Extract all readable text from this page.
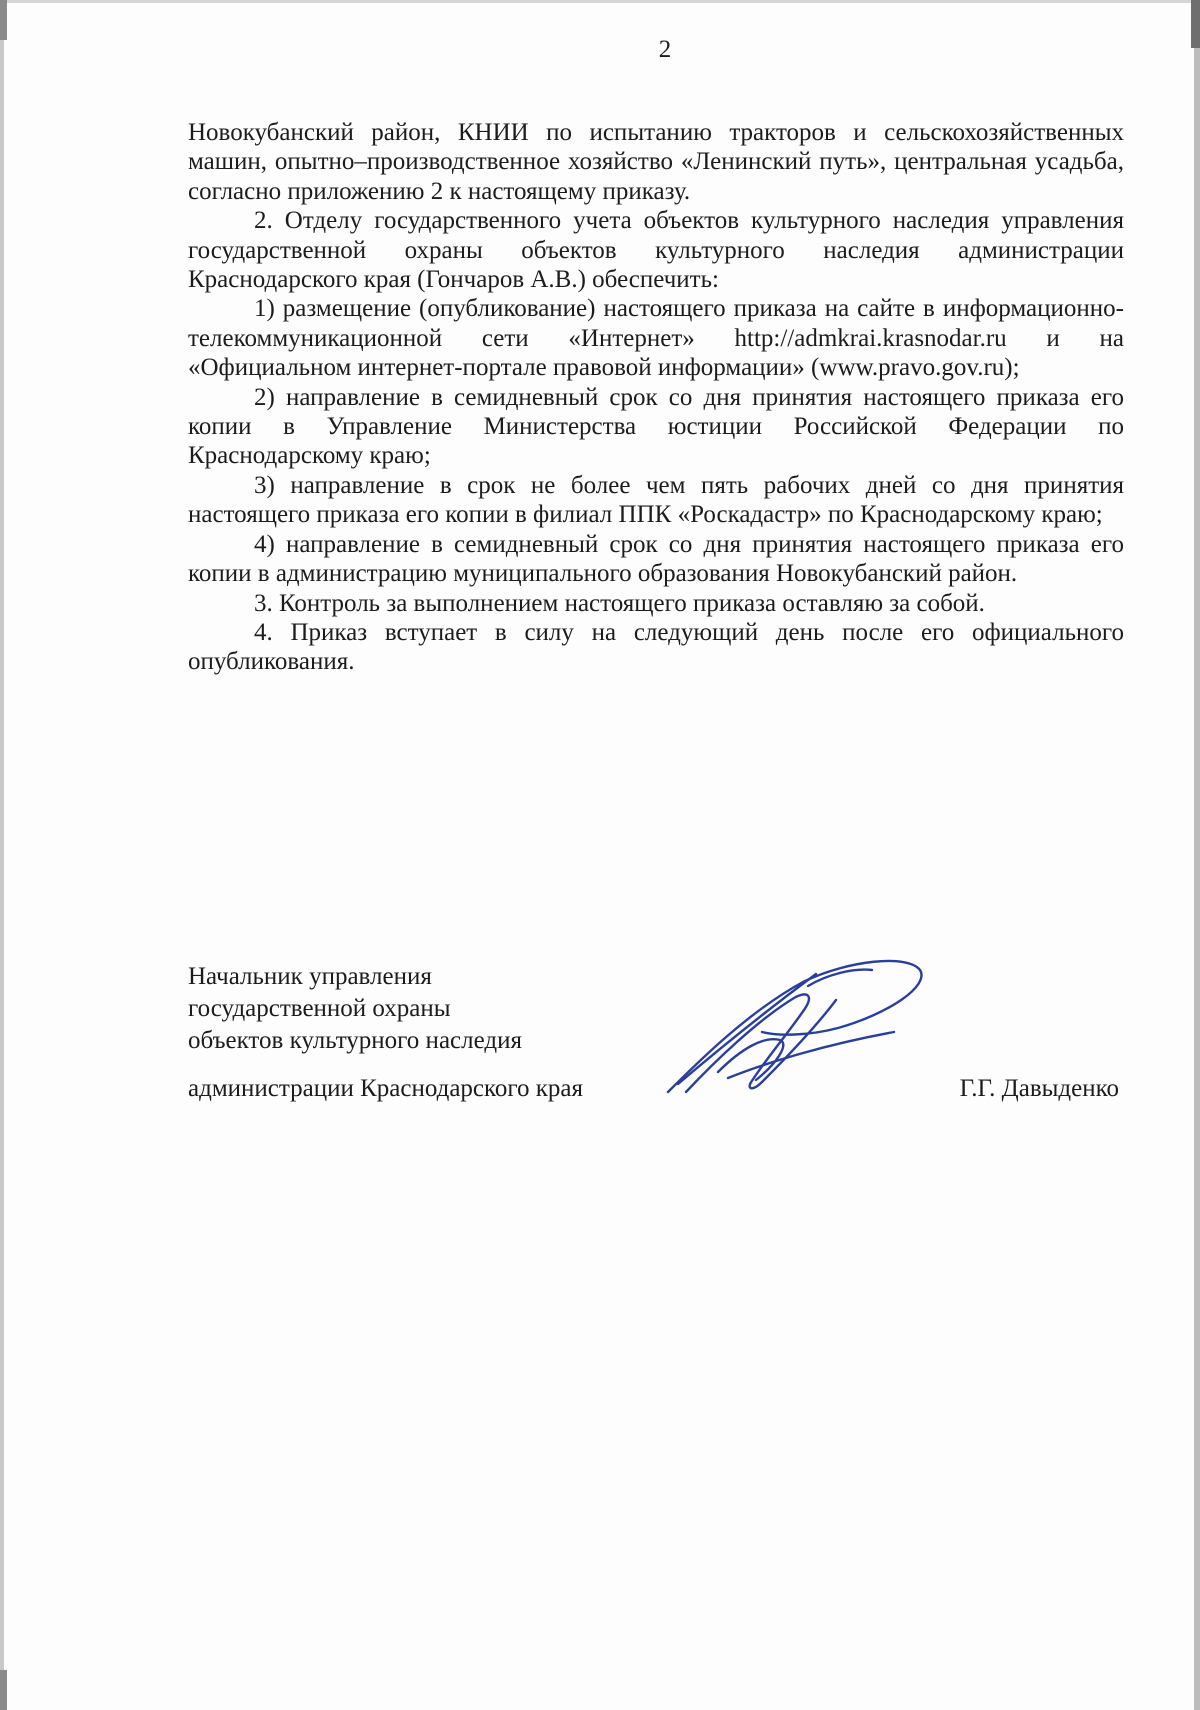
2

Новокубанский район, КНИИ по испытанию тракторов и сельскохозяйственных машин, опытно–производственное хозяйство «Ленинский путь», центральная усадьба, согласно приложению 2 к настоящему приказу.

2. Отделу государственного учета объектов культурного наследия управления государственной охраны объектов культурного наследия администрации Краснодарского края (Гончаров А.В.) обеспечить:

1) размещение (опубликование) настоящего приказа на сайте в информационно-телекоммуникационной сети «Интернет» http://admkrai.krasnodar.ru и на «Официальном интернет-портале правовой информации» (www.pravo.gov.ru);

2) направление в семидневный срок со дня принятия настоящего приказа его копии в Управление Министерства юстиции Российской Федерации по Краснодарскому краю;

3) направление в срок не более чем пять рабочих дней со дня принятия настоящего приказа его копии в филиал ППК «Роскадастр» по Краснодарскому краю;

4) направление в семидневный срок со дня принятия настоящего приказа его копии в администрацию муниципального образования Новокубанский район.

3. Контроль за выполнением настоящего приказа оставляю за собой.

4. Приказ вступает в силу на следующий день после его официального опубликования.

Начальник управления
государственной охраны
объектов культурного наследия
администрации Краснодарского края	Г.Г. Давыденко
